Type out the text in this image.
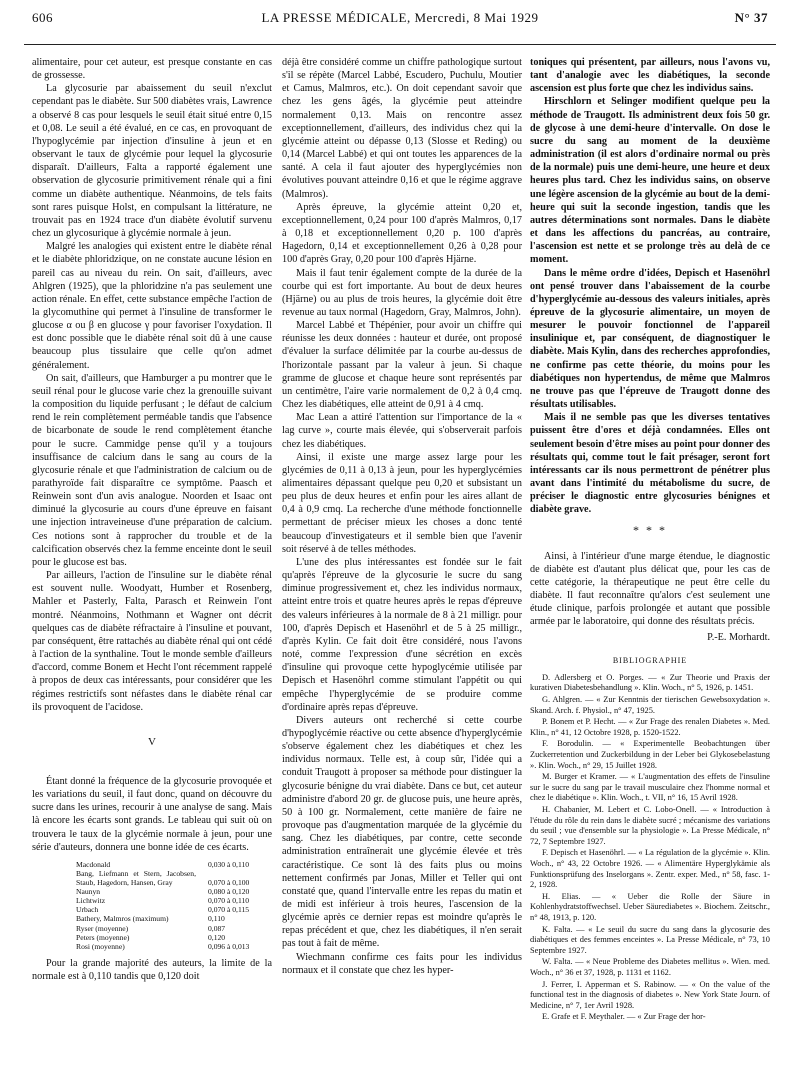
606	LA PRESSE MÉDICALE, Mercredi, 8 Mai 1929	N° 37

alimentaire, pour cet auteur, est presque constante en cas de grossesse.

La glycosurie par abaissement du seuil n'exclut cependant pas le diabète. Sur 500 diabètes vrais, Lawrence a observé 8 cas pour lesquels le seuil était situé entre 0,15 et 0,08. Le seuil a été évalué, en ce cas, en provoquant de l'hypoglycémie par injection d'insuline à jeun et en observant le taux de glycémie pour lequel la glycosurie disparaît. D'ailleurs, Falta a rapporté également une observation de glycosurie primitivement rénale qui a fini comme un diabète authentique. Néanmoins, de tels faits sont rares puisque Holst, en compulsant la littérature, ne trouvait pas en 1924 trace d'un diabète évolutif survenu chez un glycosurique à glycémie normale à jeun.

Malgré les analogies qui existent entre le diabète rénal et le diabète phloridzique, on ne constate aucune lésion en pareil cas au niveau du rein. On sait, d'ailleurs, avec Ahlgren (1925), que la phloridzine n'a pas seulement une action rénale. En effet, cette substance empêche l'action de la glycomuthine qui permet à l'insuline de transformer le glucose α ou β en glucose γ pour favoriser l'oxydation. Il est donc possible que le diabète rénal soit dû à une cause beaucoup plus tissulaire que celle qu'on admet généralement.

On sait, d'ailleurs, que Hamburger a pu montrer que le seuil rénal pour le glucose varie chez la grenouille suivant la composition du liquide perfusant ; le défaut de calcium rend le rein complètement perméable tandis que l'absence de bicarbonate de soude le rend complètement étanche pour le sucre. Cammidge pense qu'il y a toujours insuffisance de calcium dans le sang au cours de la glycosurie rénale et que l'administration de calcium ou de parathyroïde fait disparaître ce symptôme. Paasch et Reinwein sont d'un avis analogue. Noorden et Isaac ont diminué la glycosurie au cours d'une épreuve en faisant une injection intraveineuse d'une préparation de calcium. Ces notions sont à rapprocher du trouble et de la calcification observés chez la femme enceinte dont le seuil pour le glucose est bas.

Par ailleurs, l'action de l'insuline sur le diabète rénal est souvent nulle. Woodyatt, Humber et Rosenberg, Mahler et Pasterly, Falta, Parasch et Reinwein l'ont montré. Néanmoins, Nothmann et Wagner ont décrit quelques cas de diabète réfractaire à l'insuline et pouvant, par conséquent, être rattachés au diabète rénal qui ont cédé à l'action de la synthaline. Tout le monde semble d'ailleurs d'accord, comme Bonem et Hecht l'ont récemment rappelé à propos de deux cas intéressants, pour considérer que les régimes restrictifs sont néfastes dans le diabète rénal car ils provoquent de l'acidose.

V

Étant donné la fréquence de la glycosurie provoquée et les variations du seuil, il faut donc, quand on découvre du sucre dans les urines, recourir à une analyse de sang. Mais là encore les écarts sont grands. Le tableau qui suit où on trouvera le taux de la glycémie normale à jeun, pour une série d'auteurs, donnera une bonne idée de ces écarts.

Macdonald	0,030 à 0,110
Bang, Liefmann et Stern, Jacobsen, Staub, Hagedorn, Hansen, Gray	0,070 à 0,100
Naunyn	0,080 à 0,120
Lichtwitz	0,070 à 0,110
Urbach	0,070 à 0,115
Bathery, Malmros (maximum)	0,110
Ryser (moyenne)	0,087
Peters (moyenne)	0,120
Rosi (moyenne)	0,096 à 0,013

Pour la grande majorité des auteurs, la limite de la normale est à 0,110 tandis que 0,120 doit

déjà être considéré comme un chiffre pathologique surtout s'il se répète (Marcel Labbé, Escudero, Puchulu, Moutier et Camus, Malmros, etc.). On doit cependant savoir que chez les gens âgés, la glycémie peut atteindre normalement 0,13. Mais on rencontre assez exceptionnellement, d'ailleurs, des individus chez qui la glycémie atteint ou dépasse 0,13 (Slosse et Reding) ou 0,14 (Marcel Labbé) et qui ont toutes les apparences de la santé. A cela il faut ajouter des hyperglycémies non évolutives pouvant atteindre 0,16 et que le régime aggrave (Malmros).

Après épreuve, la glycémie atteint 0,20 et, exceptionnellement, 0,24 pour 100 d'après Malmros, 0,17 à 0,18 et exceptionnellement 0,20 p. 100 d'après Hagedorn, 0,14 et exceptionnellement 0,26 à 0,28 pour 100 d'après Gray, 0,20 pour 100 d'après Hjärne.

Mais il faut tenir également compte de la durée de la courbe qui est fort importante. Au bout de deux heures (Hjärne) ou au plus de trois heures, la glycémie doit être revenue au taux normal (Hagedorn, Gray, Malmros, John).

Marcel Labbé et Thépénier, pour avoir un chiffre qui réunisse les deux données : hauteur et durée, ont proposé d'évaluer la surface délimitée par la courbe au-dessus de l'horizontale passant par la valeur à jeun. Si chaque gramme de glucose et chaque heure sont représentés par un centimètre, l'aire varie normalement de 0,2 à 0,4 cmq. Chez les diabétiques, elle atteint de 0,91 à 4 cmq.

Mac Lean a attiré l'attention sur l'importance de la « lag curve », courte mais élevée, qui s'observerait parfois chez les diabétiques.

Ainsi, il existe une marge assez large pour les glycémies de 0,11 à 0,13 à jeun, pour les hyperglycémies alimentaires dépassant quelque peu 0,20 et subsistant un peu plus de deux heures et enfin pour les aires allant de 0,4 à 0,9 cmq. La recherche d'une méthode fonctionnelle permettant de préciser mieux les choses a donc tenté beaucoup d'investigateurs et il semble bien que l'avenir soit réservé à de telles méthodes.

L'une des plus intéressantes est fondée sur le fait qu'après l'épreuve de la glycosurie le sucre du sang diminue progressivement et, chez les individus normaux, atteint entre trois et quatre heures après le repas d'épreuve des valeurs inférieures à la normale de 8 à 21 milligr. pour 100, d'après Depisch et Hasenöhrl et de 5 à 25 milligr., d'après Kylin. Ce fait doit être considéré, nous l'avons noté, comme l'expression d'une sécrétion en excès d'insuline qui provoque cette hypoglycémie utilisée par Depisch et Hasenöhrl comme stimulant l'appétit ou qui empêche l'hyperglycémie de se produire comme d'ordinaire après repas d'épreuve.

Divers auteurs ont recherché si cette courbe d'hypoglycémie réactive ou cette absence d'hyperglycémie s'observe également chez les diabétiques et chez les individus normaux. Telle est, à coup sûr, l'idée qui a conduit Traugott à proposer sa méthode pour distinguer la glycosurie bénigne du vrai diabète. Dans ce but, cet auteur administre d'abord 20 gr. de glucose puis, une heure après, 50 à 100 gr. Normalement, cette manière de faire ne provoque pas d'augmentation marquée de la glycémie du sang. Chez les diabétiques, par contre, cette seconde administration entraînerait une glycémie élevée et très caractéristique. Ce sont là des faits plus ou moins nettement confirmés par Jonas, Miller et Teller qui ont constaté que, quand l'intervalle entre les repas du matin et de midi est inférieur à trois heures, l'ascension de la glycémie après ce dernier repas est moindre qu'après le repas précédent et que, chez les diabétiques, il n'en serait pas tout à fait de même.

Wiechmann confirme ces faits pour les individus normaux et il constate que chez les hyper-

toniques qui présentent, par ailleurs, nous l'avons vu, tant d'analogie avec les diabétiques, la seconde ascension est plus forte que chez les individus sains.

Hirschlorn et Selinger modifient quelque peu la méthode de Traugott. Ils administrent deux fois 50 gr. de glycose à une demi-heure d'intervalle. On dose le sucre du sang au moment de la deuxième administration (il est alors d'ordinaire normal ou près de la normale) puis une demi-heure, une heure et deux heures plus tard. Chez les individus sains, on observe une légère ascension de la glycémie au bout de la demi-heure qui suit la seconde ingestion, tandis que les autres déterminations sont normales. Dans le diabète et dans les affections du pancréas, au contraire, l'ascension est nette et se prolonge très au delà de ce moment.

Dans le même ordre d'idées, Depisch et Hasenöhrl ont pensé trouver dans l'abaissement de la courbe d'hyperglycémie au-dessous des valeurs initiales, après épreuve de la glycosurie alimentaire, un moyen de mesurer le pouvoir fonctionnel de l'appareil insulinique et, par conséquent, de diagnostiquer le diabète. Mais Kylin, dans des recherches approfondies, ne confirme pas cette théorie, du moins pour les diabétiques non hypertendus, de même que Malmros ne trouve pas que l'épreuve de Traugott donne des résultats utilisables.

Mais il ne semble pas que les diverses tentatives puissent être d'ores et déjà condamnées. Elles ont seulement besoin d'être mises au point pour donner des résultats qui, comme tout le fait présager, seront fort intéressants car ils nous permettront de pénétrer plus avant dans l'intimité du métabolisme du sucre, de préciser le diagnostic entre glycosuries bénignes et diabète grave.

* * *

Ainsi, à l'intérieur d'une marge étendue, le diagnostic de diabète est d'autant plus délicat que, pour les cas de cette catégorie, la thérapeutique ne peut être celle du diabète. Il faut reconnaître qu'alors c'est seulement une étude clinique, parfois prolongée et autant que possible armée par le laboratoire, qui donne des résultats précis.

P.-E. Morhardt.
BIBLIOGRAPHIE

D. Adlersberg et O. Porges. — « Zur Theorie und Praxis der kurativen Diabetesbehandlung ». Klin. Woch., n° 5, 1926, p. 1451.

G. Ahlgren. — « Zur Kenntnis der tierischen Gewebsoxydation ». Skand. Arch. f. Physiol., n° 47, 1925.

P. Bonem et P. Hecht. — « Zur Frage des renalen Diabetes ». Med. Klin., n° 41, 12 Octobre 1928, p. 1520-1522.

F. Borodulin. — « Experimentelle Beobachtungen über Zuckerretention und Zuckerbildung in der Leber bei Glykosebelastung ». Klin. Woch., n° 29, 15 Juillet 1928.

M. Burger et Kramer. — « L'augmentation des effets de l'insuline sur le sucre du sang par le travail musculaire chez l'homme normal et chez le diabétique ». Klin. Woch., t. VII, n° 16, 15 Avril 1928.

H. Chabanier, M. Lebert et C. Lobo-Onell. — « Introduction à l'étude du rôle du rein dans le diabète sucré ; mécanisme des variations du seuil ; vue d'ensemble sur la physiologie ». La Presse Médicale, n° 72, 7 Septembre 1927.

F. Depisch et Hasenöhrl. — « La régulation de la glycémie ». Klin. Woch., n° 43, 22 Octobre 1926. — « Alimentäre Hyperglykämie als Funktionsprüfung des Inselorgans ». Zentr. exper. Med., n° 58, fasc. 1-2, 1928.

H. Elias. — « Ueber die Rolle der Säure in Kohlenhydratstoffwechsel. Ueber Säurediabetes ». Biochem. Zeitschr., n° 48, 1913, p. 120.

K. Falta. — « Le seuil du sucre du sang dans la glycosurie des diabétiques et des femmes enceintes ». La Presse Médicale, n° 73, 10 Septembre 1927.

W. Falta. — « Neue Probleme des Diabetes mellitus ». Wien. med. Woch., n° 36 et 37, 1928, p. 1131 et 1162.

J. Ferrer, I. Apperman et S. Rabinow. — « On the value of the functional test in the diagnosis of diabetes ». New York State Journ. of Medicine, n° 7, 1er Avril 1928.

E. Grafe et F. Meythaler. — « Zur Frage der hor-
